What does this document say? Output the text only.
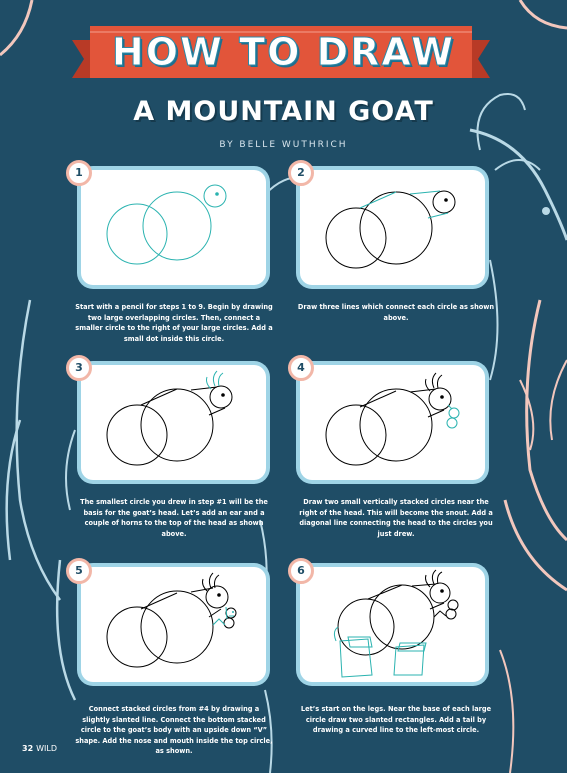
HOW TO DRAW
A MOUNTAIN GOAT
BY BELLE WUTHRICH
1
Start with a pencil for steps 1 to 9. Begin by drawing two large overlapping circles. Then, connect a smaller circle to the right of your large circles. Add a small dot inside this circle.
2
Draw three lines which connect each circle as shown above.
3
The smallest circle you drew in step #1 will be the basis for the goat’s head. Let’s add an ear and a couple of horns to the top of the head as shown above.
4
Draw two small vertically stacked circles near the right of the head. This will become the snout. Add a diagonal line connecting the head to the circles you just drew.
5
Connect stacked circles from #4 by drawing a slightly slanted line. Connect the bottom stacked circle to the goat’s body with an upside down “V” shape. Add the nose and mouth inside the top circle, as shown.
6
Let’s start on the legs. Near the base of each large circle draw two slanted rectangles. Add a tail by drawing a curved line to the left-most circle.
32 WILD
